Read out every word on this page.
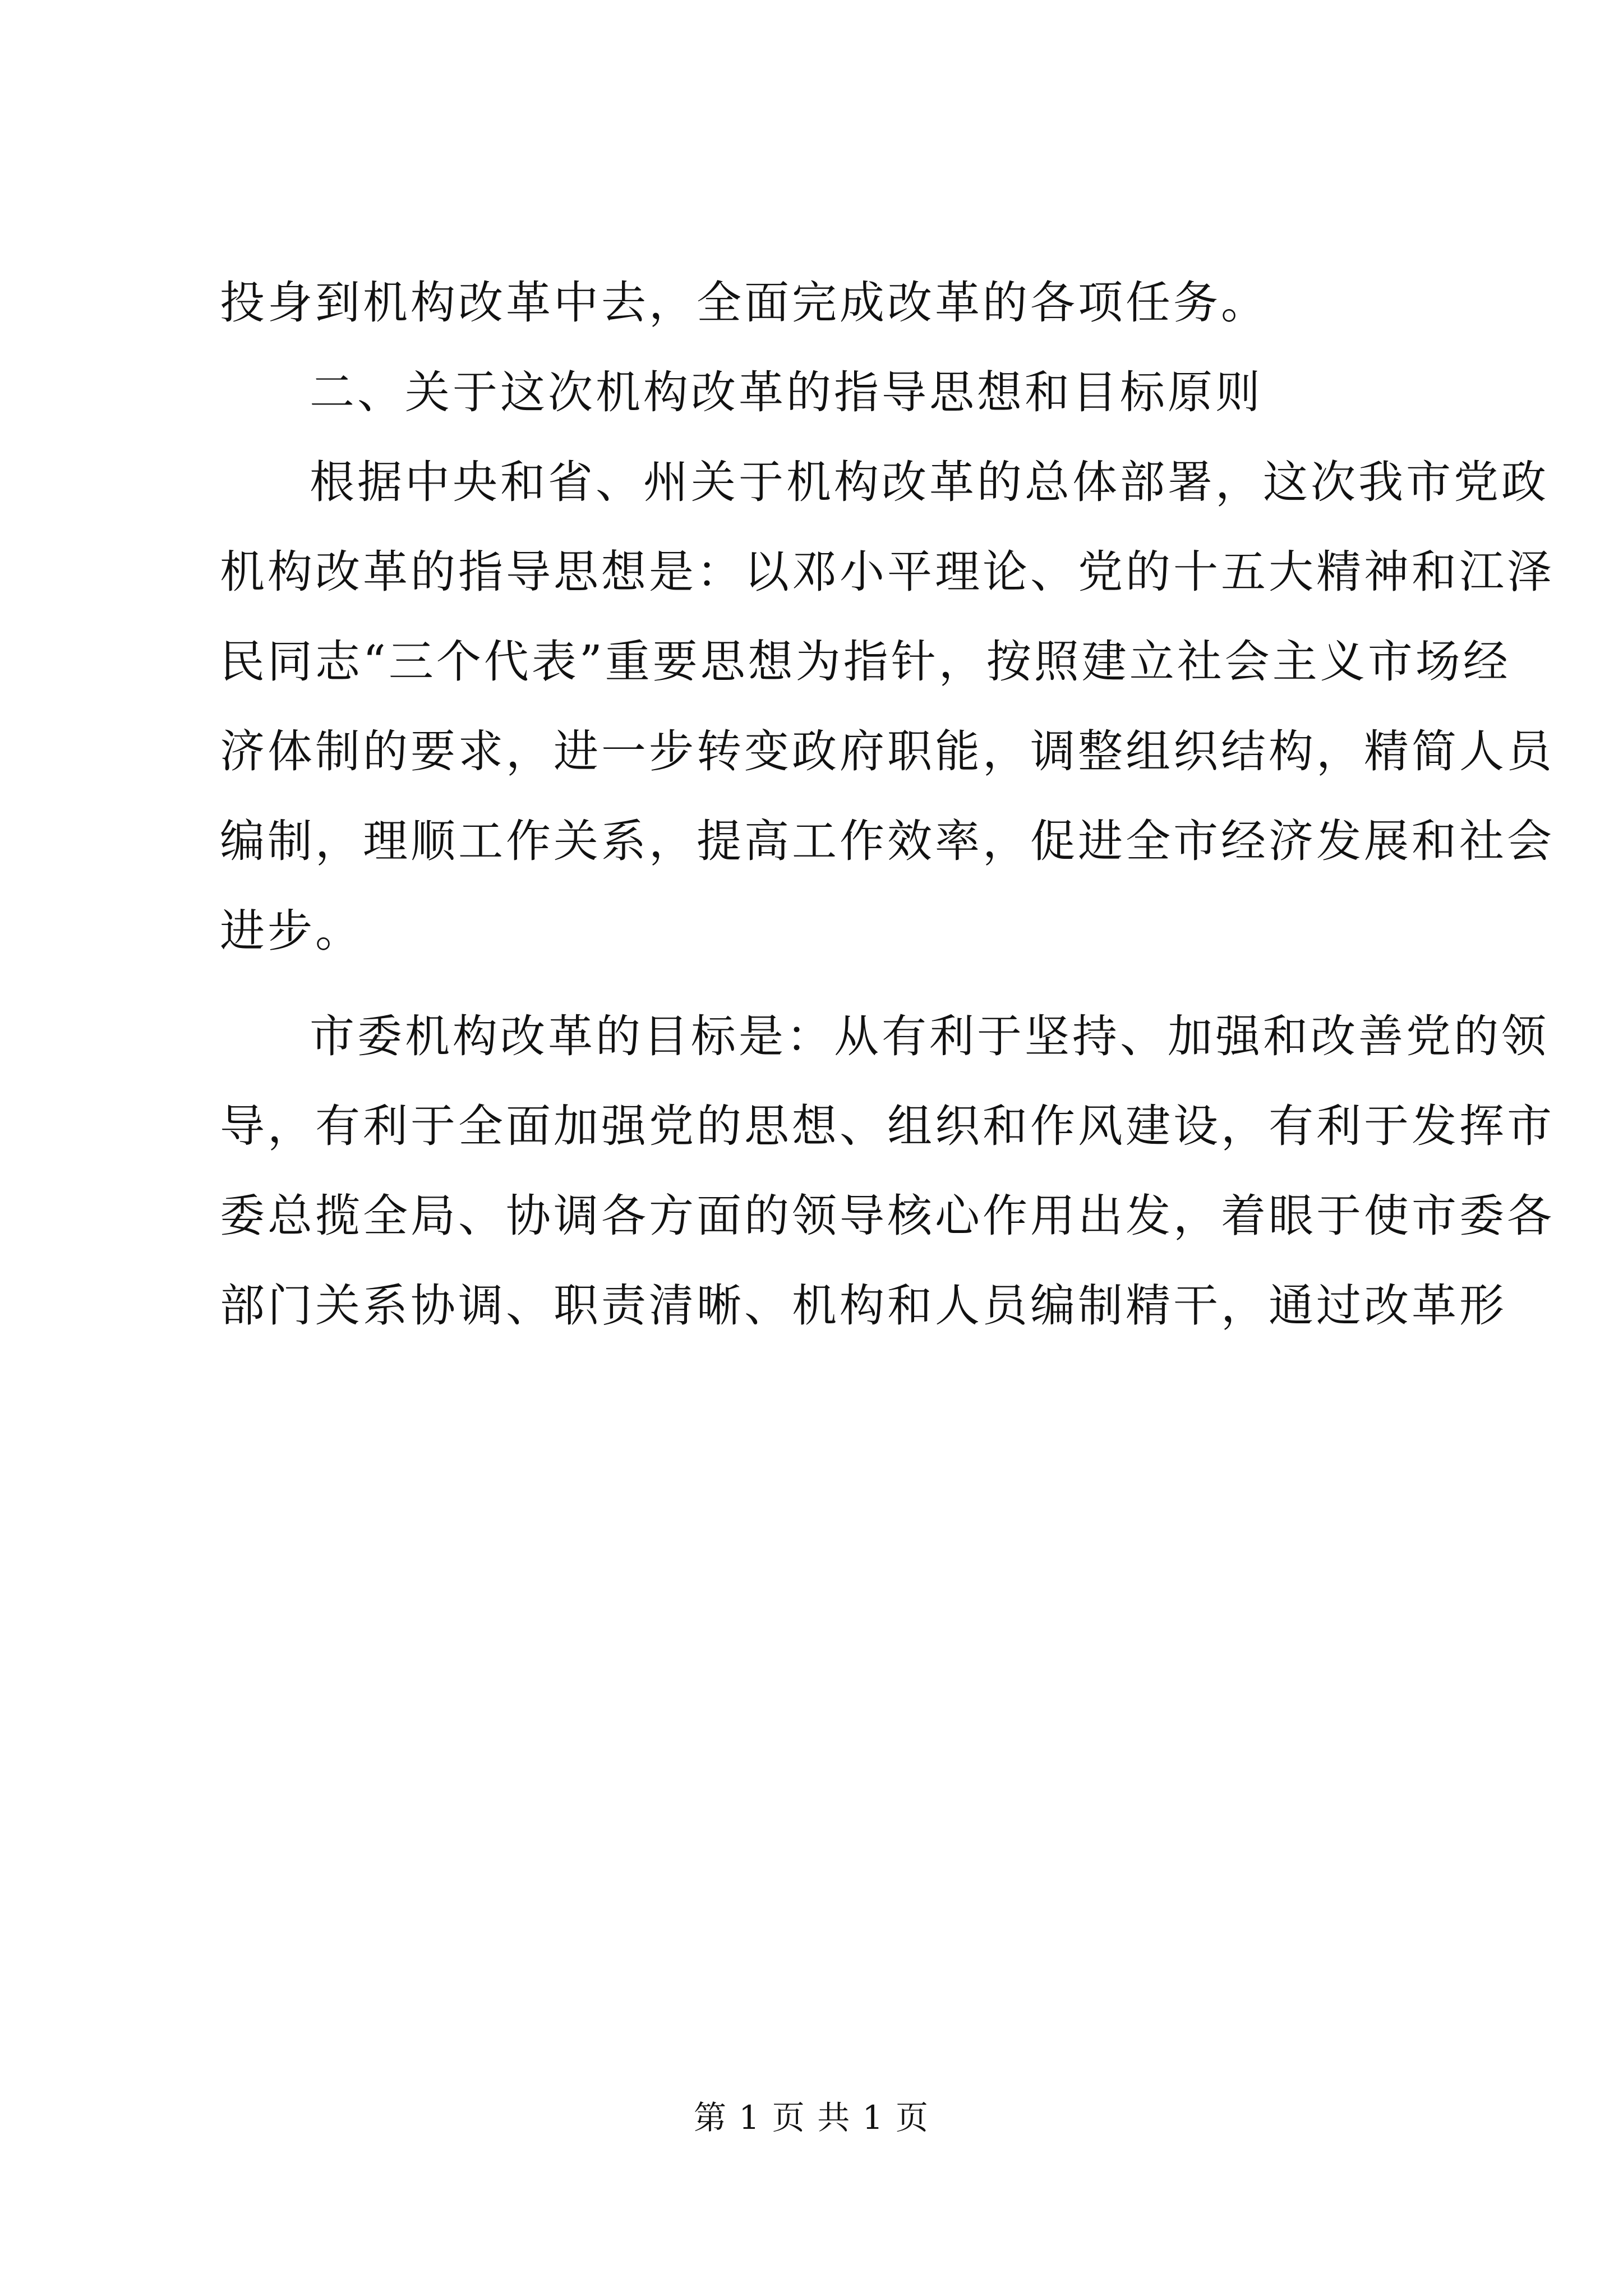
投身到机构改革中去，全面完成改革的各项任务。
二、关于这次机构改革的指导思想和目标原则
根据中央和省、州关于机构改革的总体部署，这次我市党政
机构改革的指导思想是：以邓小平理论、党的十五大精神和江泽
民同志“三个代表”重要思想为指针，按照建立社会主义市场经
济体制的要求，进一步转变政府职能，调整组织结构，精简人员
编制，理顺工作关系，提高工作效率，促进全市经济发展和社会
进步。
市委机构改革的目标是：从有利于坚持、加强和改善党的领
导，有利于全面加强党的思想、组织和作风建设，有利于发挥市
委总揽全局、协调各方面的领导核心作用出发，着眼于使市委各
部门关系协调、职责清晰、机构和人员编制精干，通过改革形
第 1 页 共 1 页
